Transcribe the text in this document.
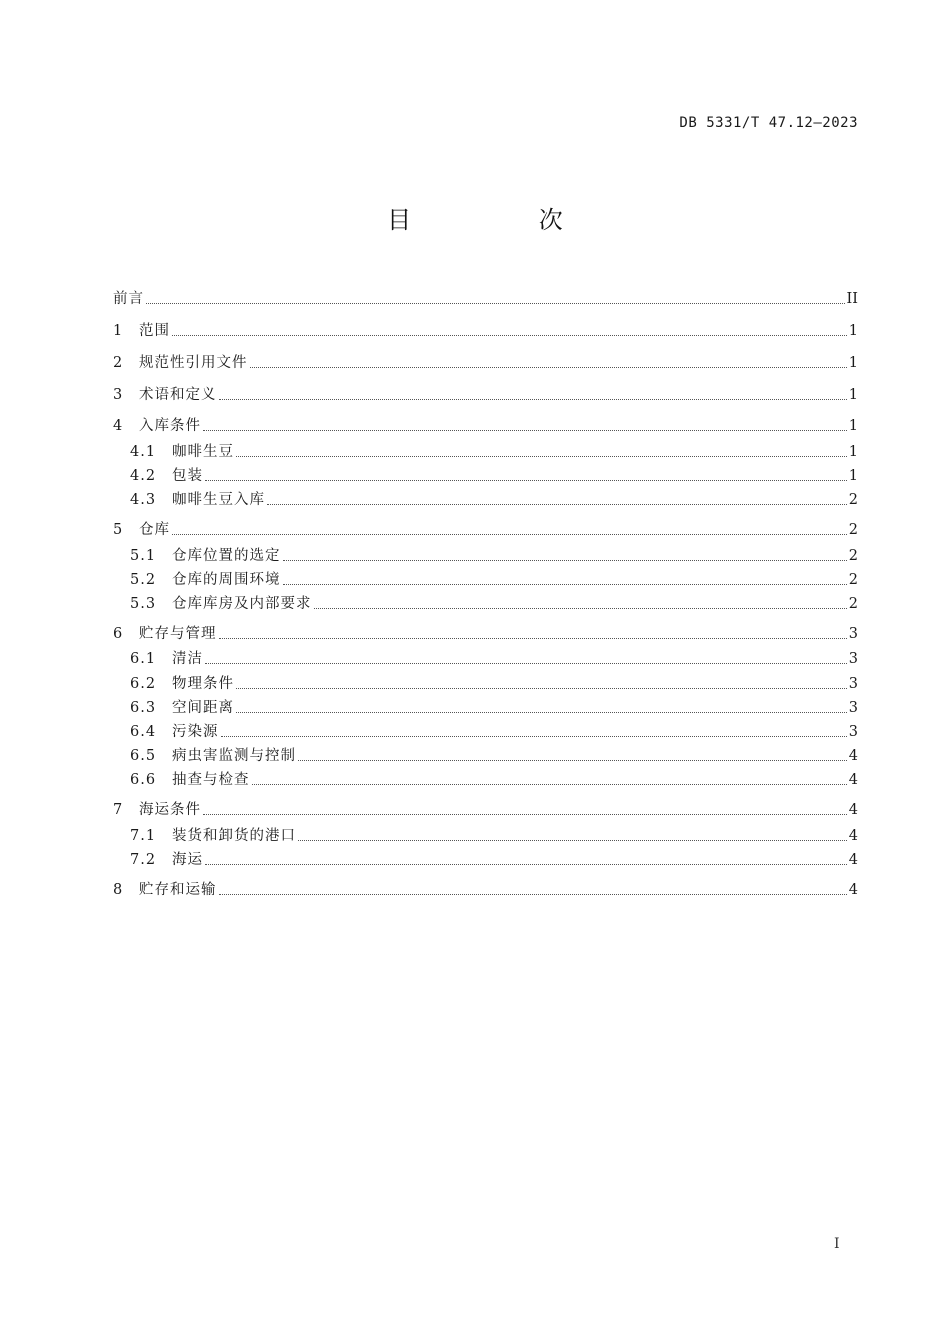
DB 5331/T 47.12—2023
目 次
前言	II
1	范围	1
2	规范性引用文件	1
3	术语和定义	1
4	入库条件	1
4.1	咖啡生豆	1
4.2	包装	1
4.3	咖啡生豆入库	2
5	仓库	2
5.1	仓库位置的选定	2
5.2	仓库的周围环境	2
5.3	仓库库房及内部要求	2
6	贮存与管理	3
6.1	清洁	3
6.2	物理条件	3
6.3	空间距离	3
6.4	污染源	3
6.5	病虫害监测与控制	4
6.6	抽查与检查	4
7	海运条件	4
7.1	装货和卸货的港口	4
7.2	海运	4
8	贮存和运输	4
I
